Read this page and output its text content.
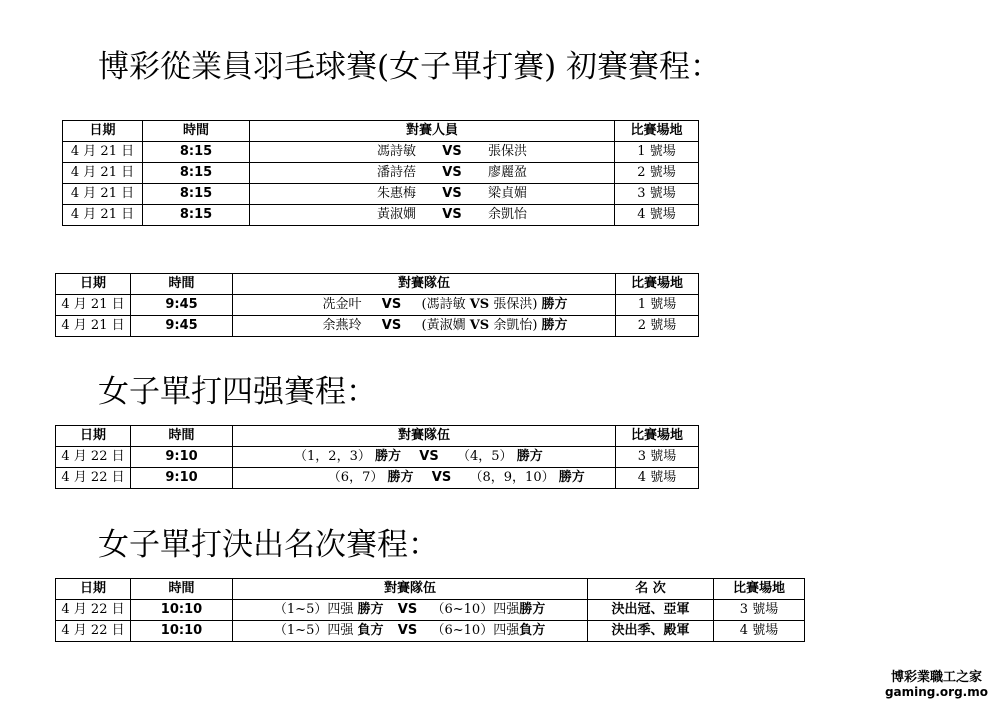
博彩從業員羽毛球賽(女子單打賽) 初賽賽程：
日期	時間	對賽人員	比賽場地
4 月 21 日	8:15	馮詩敏 VS 張保洪	1 號場
4 月 21 日	8:15	潘詩蓓 VS 廖麗盈	2 號場
4 月 21 日	8:15	朱惠梅 VS 梁貞媚	3 號場
4 月 21 日	8:15	黃淑嫺 VS 余凱怡	4 號場
日期	時間	對賽隊伍	比賽場地
4 月 21 日	9:45	冼金叶 VS (馮詩敏 VS 張保洪) 勝方	1 號場
4 月 21 日	9:45	余燕玲 VS (黃淑嫺 VS 余凱怡) 勝方	2 號場
女子單打四强賽程：
日期	時間	對賽隊伍	比賽場地
4 月 22 日	9:10	（1，2，3） 勝方 VS （4，5） 勝方	3 號場
4 月 22 日	9:10	（6，7） 勝方 VS （8，9，10） 勝方	4 號場
女子單打決出名次賽程：
日期	時間	對賽隊伍	名 次	比賽場地
4 月 22 日	10:10	（1~5）四强 勝方 VS （6~10）四强勝方	決出冠、亞軍	3 號場
4 月 22 日	10:10	（1~5）四强 負方 VS （6~10）四强負方	決出季、殿軍	4 號場
博彩業職工之家
gaming.org.mo
